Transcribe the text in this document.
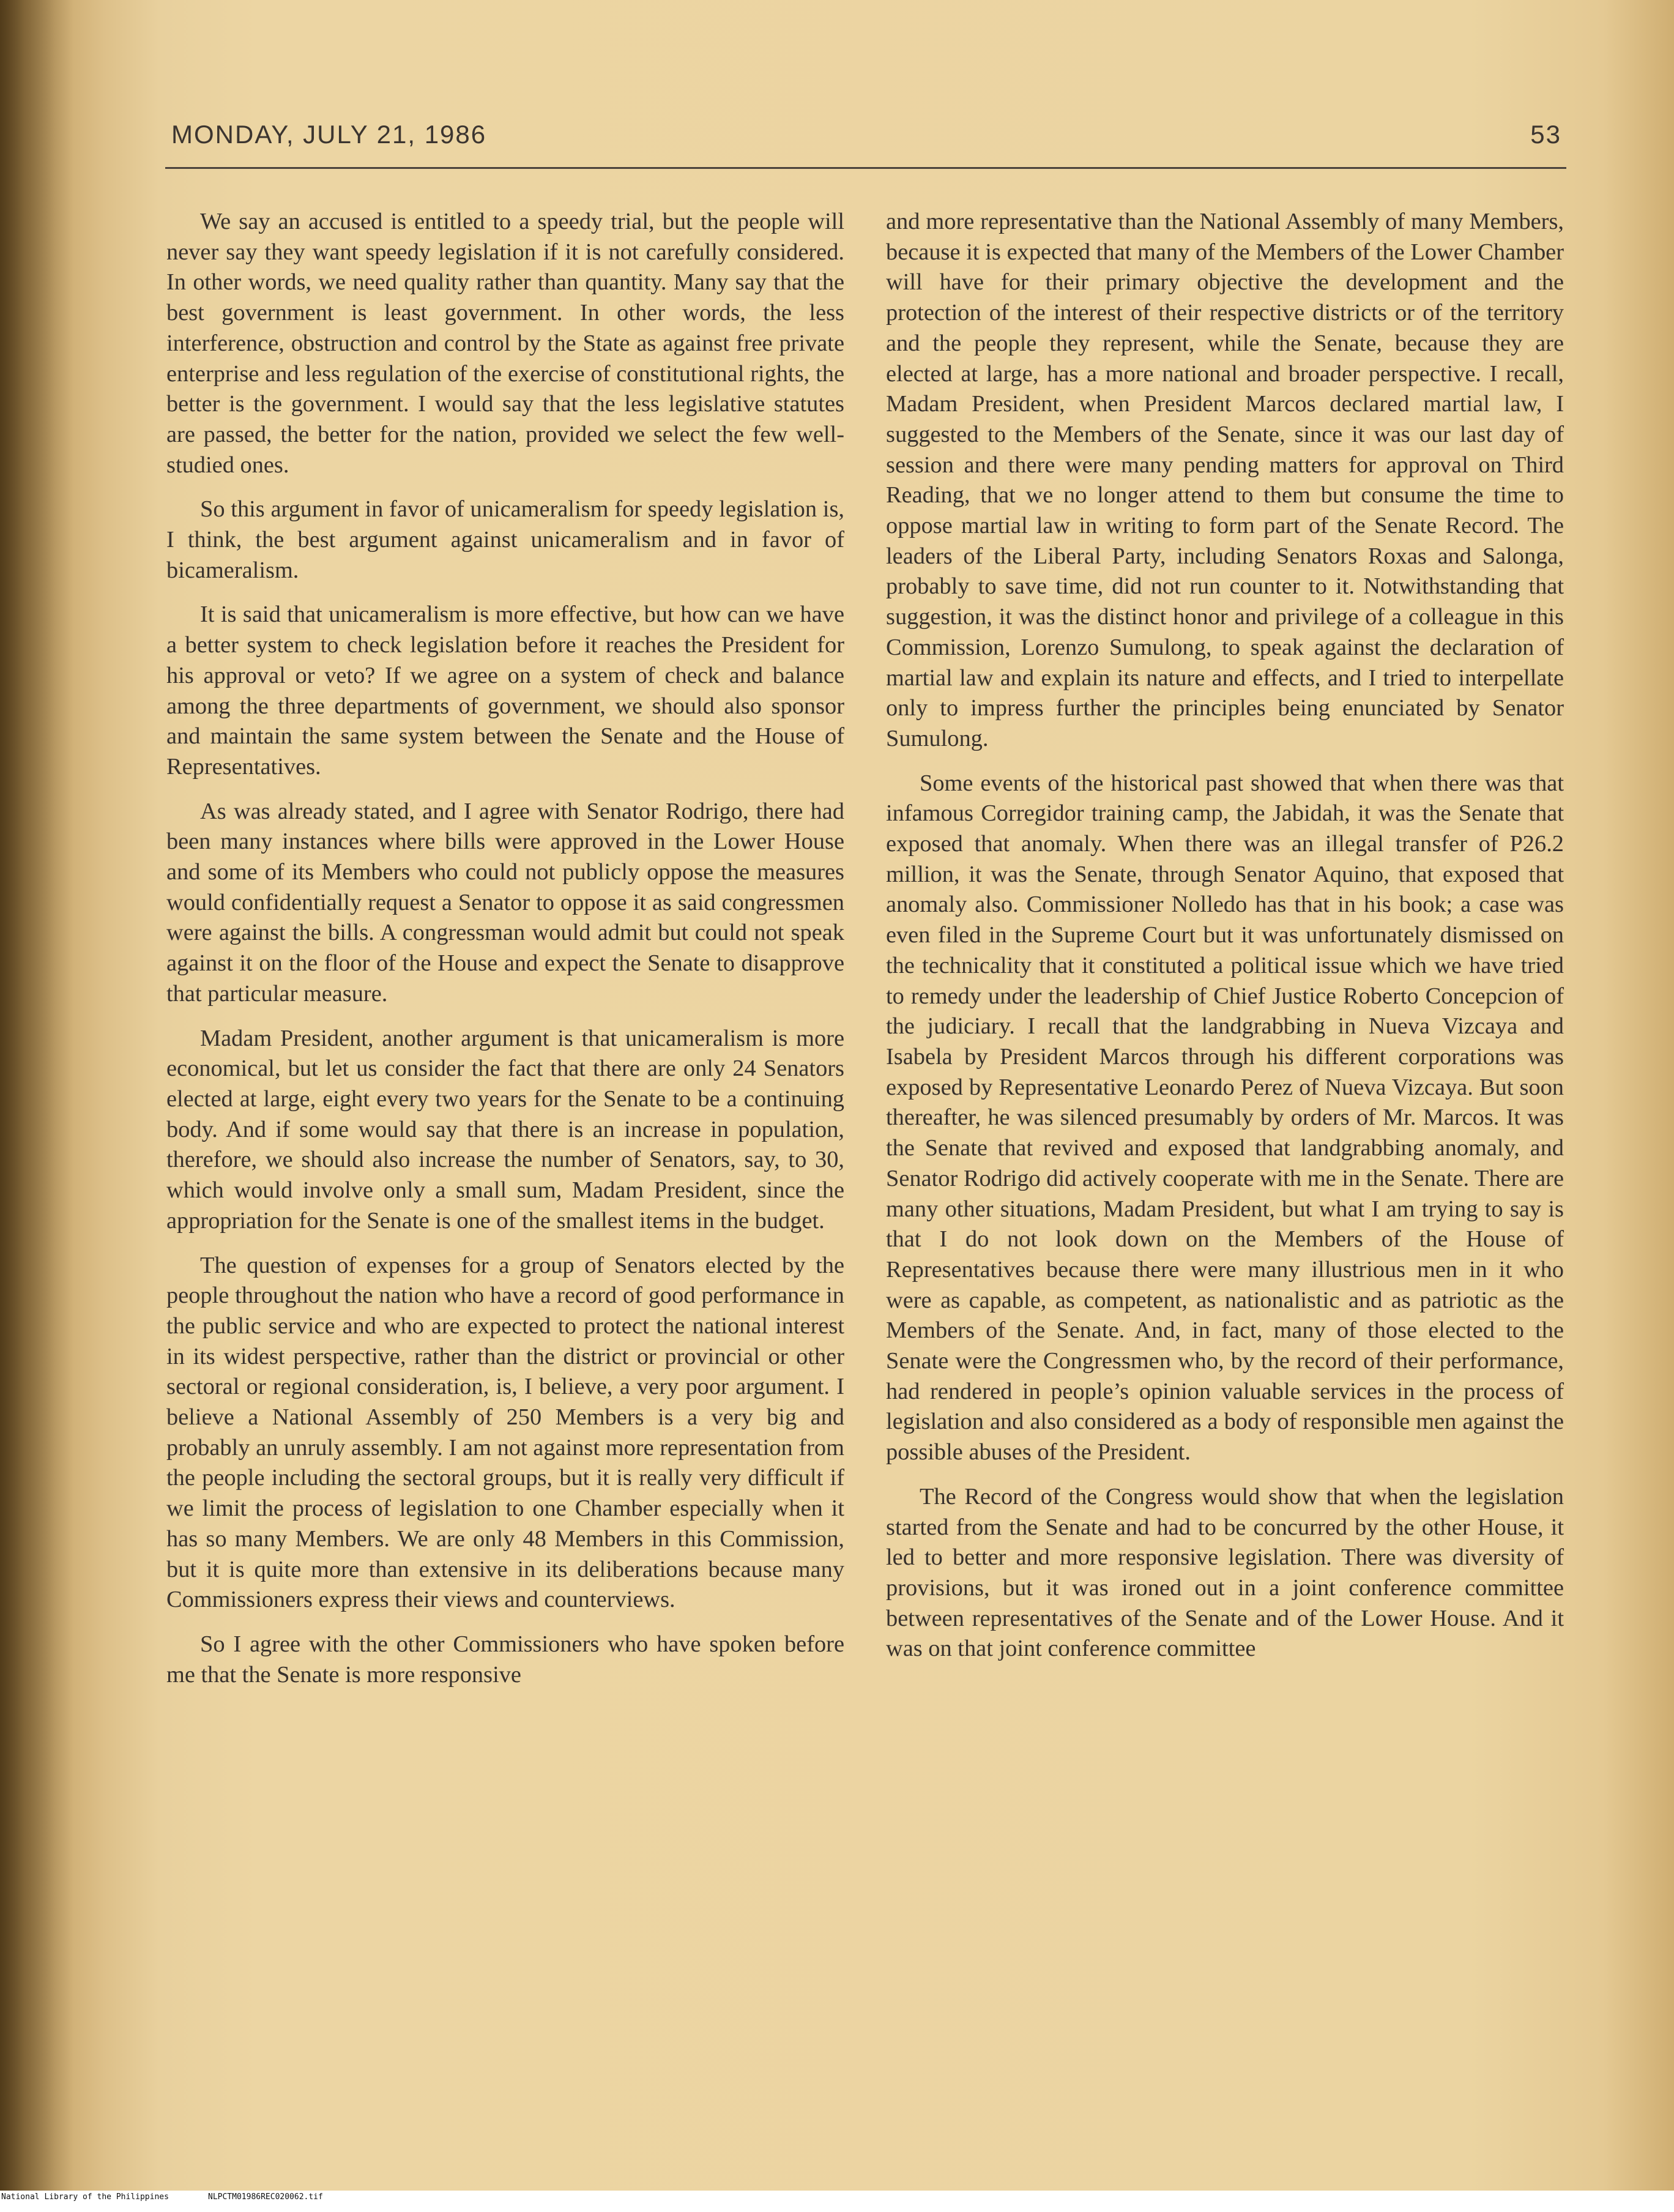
MONDAY, JULY 21, 1986	53

We say an accused is entitled to a speedy trial, but the people will never say they want speedy legislation if it is not carefully considered. In other words, we need quality rather than quantity. Many say that the best government is least government. In other words, the less interference, obstruction and control by the State as against free private enterprise and less regulation of the exercise of constitutional rights, the better is the government. I would say that the less legislative statutes are passed, the better for the nation, provided we select the few well-studied ones.

So this argument in favor of unicameralism for speedy legislation is, I think, the best argument against unicameralism and in favor of bicameralism.

It is said that unicameralism is more effective, but how can we have a better system to check legislation before it reaches the President for his approval or veto? If we agree on a system of check and balance among the three departments of government, we should also sponsor and maintain the same system between the Senate and the House of Representatives.

As was already stated, and I agree with Senator Rodrigo, there had been many instances where bills were approved in the Lower House and some of its Members who could not publicly oppose the measures would confidentially request a Senator to oppose it as said congressmen were against the bills. A congressman would admit but could not speak against it on the floor of the House and expect the Senate to disapprove that particular measure.

Madam President, another argument is that unicameralism is more economical, but let us consider the fact that there are only 24 Senators elected at large, eight every two years for the Senate to be a continuing body. And if some would say that there is an increase in population, therefore, we should also increase the number of Senators, say, to 30, which would involve only a small sum, Madam President, since the appropriation for the Senate is one of the smallest items in the budget.

The question of expenses for a group of Senators elected by the people throughout the nation who have a record of good performance in the public service and who are expected to protect the national interest in its widest perspective, rather than the district or provincial or other sectoral or regional consideration, is, I believe, a very poor argument. I believe a National Assembly of 250 Members is a very big and probably an unruly assembly. I am not against more representation from the people including the sectoral groups, but it is really very difficult if we limit the process of legislation to one Chamber especially when it has so many Members. We are only 48 Members in this Commission, but it is quite more than extensive in its deliberations because many Commissioners express their views and counterviews.

So I agree with the other Commissioners who have spoken before me that the Senate is more responsive

and more representative than the National Assembly of many Members, because it is expected that many of the Members of the Lower Chamber will have for their primary objective the development and the protection of the interest of their respective districts or of the territory and the people they represent, while the Senate, because they are elected at large, has a more national and broader perspective. I recall, Madam President, when President Marcos declared martial law, I suggested to the Members of the Senate, since it was our last day of session and there were many pending matters for approval on Third Reading, that we no longer attend to them but consume the time to oppose martial law in writing to form part of the Senate Record. The leaders of the Liberal Party, including Senators Roxas and Salonga, probably to save time, did not run counter to it. Notwithstanding that suggestion, it was the distinct honor and privilege of a colleague in this Commission, Lorenzo Sumulong, to speak against the declaration of martial law and explain its nature and effects, and I tried to interpellate only to impress further the principles being enunciated by Senator Sumulong.

Some events of the historical past showed that when there was that infamous Corregidor training camp, the Jabidah, it was the Senate that exposed that anomaly. When there was an illegal transfer of P26.2 million, it was the Senate, through Senator Aquino, that exposed that anomaly also. Commissioner Nolledo has that in his book; a case was even filed in the Supreme Court but it was unfortunately dismissed on the technicality that it constituted a political issue which we have tried to remedy under the leadership of Chief Justice Roberto Concepcion of the judiciary. I recall that the landgrabbing in Nueva Vizcaya and Isabela by President Marcos through his different corporations was exposed by Representative Leonardo Perez of Nueva Vizcaya. But soon thereafter, he was silenced presumably by orders of Mr. Marcos. It was the Senate that revived and exposed that landgrabbing anomaly, and Senator Rodrigo did actively cooperate with me in the Senate. There are many other situations, Madam President, but what I am trying to say is that I do not look down on the Members of the House of Representatives because there were many illustrious men in it who were as capable, as competent, as nationalistic and as patriotic as the Members of the Senate. And, in fact, many of those elected to the Senate were the Congressmen who, by the record of their performance, had rendered in people’s opinion valuable services in the process of legislation and also considered as a body of responsible men against the possible abuses of the President.

The Record of the Congress would show that when the legislation started from the Senate and had to be concurred by the other House, it led to better and more responsive legislation. There was diversity of provisions, but it was ironed out in a joint conference committee between representatives of the Senate and of the Lower House. And it was on that joint conference committee

National Library of the Philippines	NLPCTM01986REC020062.tif
